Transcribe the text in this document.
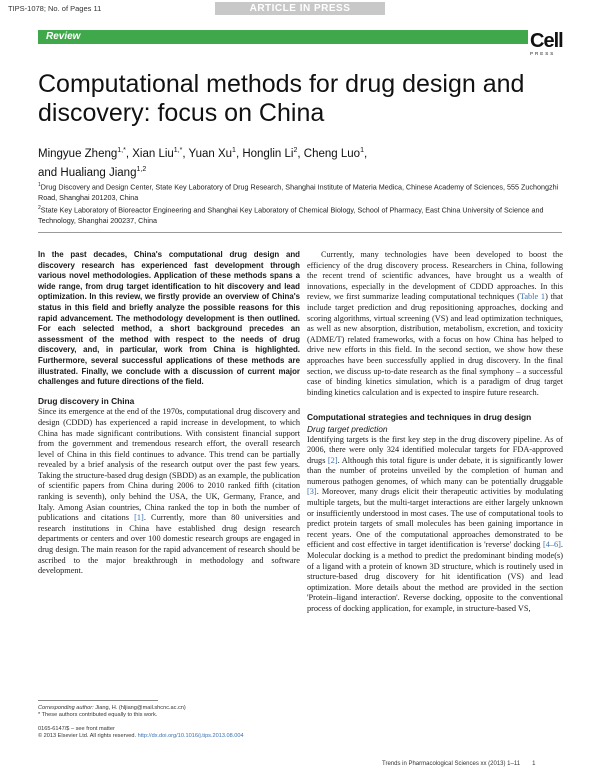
TIPS-1078; No. of Pages 11	ARTICLE IN PRESS
Review	Cell
PRESS
Computational methods for drug design and discovery: focus on China
Mingyue Zheng$^{1,*}$, Xian Liu$^{1,*}$, Yuan Xu$^1$, Honglin Li$^2$, Cheng Luo$^1$,
and Hualiang Jiang$^{1,2}$
$^1$Drug Discovery and Design Center, State Key Laboratory of Drug Research, Shanghai Institute of Materia Medica, Chinese Academy of Sciences, 555 Zuchongzhi Road, Shanghai 201203, China
$^2$State Key Laboratory of Bioreactor Engineering and Shanghai Key Laboratory of Chemical Biology, School of Pharmacy, East China University of Science and Technology, Shanghai 200237, China

In the past decades, China's computational drug design and discovery research has experienced fast development through various novel methodologies. Application of these methods spans a wide range, from drug target identification to hit discovery and lead optimization. In this review, we firstly provide an overview of China's status in this field and briefly analyze the possible reasons for this rapid advancement. The methodology development is then outlined. For each selected method, a short background precedes an assessment of the method with respect to the needs of drug discovery, and, in particular, work from China is highlighted. Furthermore, several successful applications of these methods are illustrated. Finally, we conclude with a discussion of current major challenges and future directions of the field.

Drug discovery in China

Since its emergence at the end of the 1970s, computational drug discovery and design (CDDD) has experienced a rapid increase in development, to which China has made significant contributions. With consistent financial support from the government and tremendous research effort, the overall research level of China in this field continues to advance. This trend can be partially revealed by a brief analysis of the research output over the past few years. Taking the structure-based drug design (SBDD) as an example, the publication of scientific papers from China during 2006 to 2010 ranked fifth (citation ranking is seventh), only behind the USA, the UK, Germany, France, and Italy. Among Asian countries, China ranked the top in both the number of publications and citations [1]. Currently, more than 80 universities and research institutions in China have established drug design research departments or centers and over 100 domestic research groups are engaged in drug design. The main reason for the rapid advancement of research should be ascribed to the major breakthrough in methodology and software development.

Currently, many technologies have been developed to boost the efficiency of the drug discovery process. Researchers in China, following the recent trend of scientific advances, have brought us a wealth of innovations, especially in the development of CDDD approaches. In this review, we first summarize leading computational techniques (Table 1) that include target prediction and drug repositioning approaches, docking and scoring algorithms, virtual screening (VS) and lead optimization techniques, as well as new absorption, distribution, metabolism, excretion, and toxicity (ADME/T) related frameworks, with a focus on how China has helped to drive new efforts in this field. In the second section, we show how these approaches have been successfully applied in drug discovery. In the final section, we discuss up-to-date research as the final symphony – a successful case of binding kinetics simulation, which is a paradigm of drug target binding kinetics calculation and is expected to inspire future research.

Computational strategies and techniques in drug design
Drug target prediction

Identifying targets is the first key step in the drug discovery pipeline. As of 2006, there were only 324 identified molecular targets for FDA-approved drugs [2]. Although this total figure is under debate, it is significantly lower than the number of proteins unveiled by the completion of human and numerous pathogen genomes, of which many can be potentially druggable [3]. Moreover, many drugs elicit their therapeutic activities by modulating multiple targets, but the multi-target interactions are either largely unknown or insufficiently understood in most cases. The use of computational tools to predict protein targets of small molecules has been gaining importance in recent years. One of the computational approaches demonstrated to be efficient and cost effective in target identification is 'reverse' docking [4–6]. Molecular docking is a method to predict the predominant binding mode(s) of a ligand with a protein of known 3D structure, which is routinely used in structure-based drug discovery for hit identification (VS) and lead optimization. More details about the method are provided in the section 'Protein–ligand interaction'. Reverse docking, opposite to the conventional process of docking application, for example, in structure-based VS,

Corresponding author: Jiang, H. (hljiang@mail.shcnc.ac.cn)
* These authors contributed equally to this work.
0165-6147/$ – see front matter
© 2013 Elsevier Ltd. All rights reserved. http://dx.doi.org/10.1016/j.tips.2013.08.004
Trends in Pharmacological Sciences xx (2013) 1–11 1
